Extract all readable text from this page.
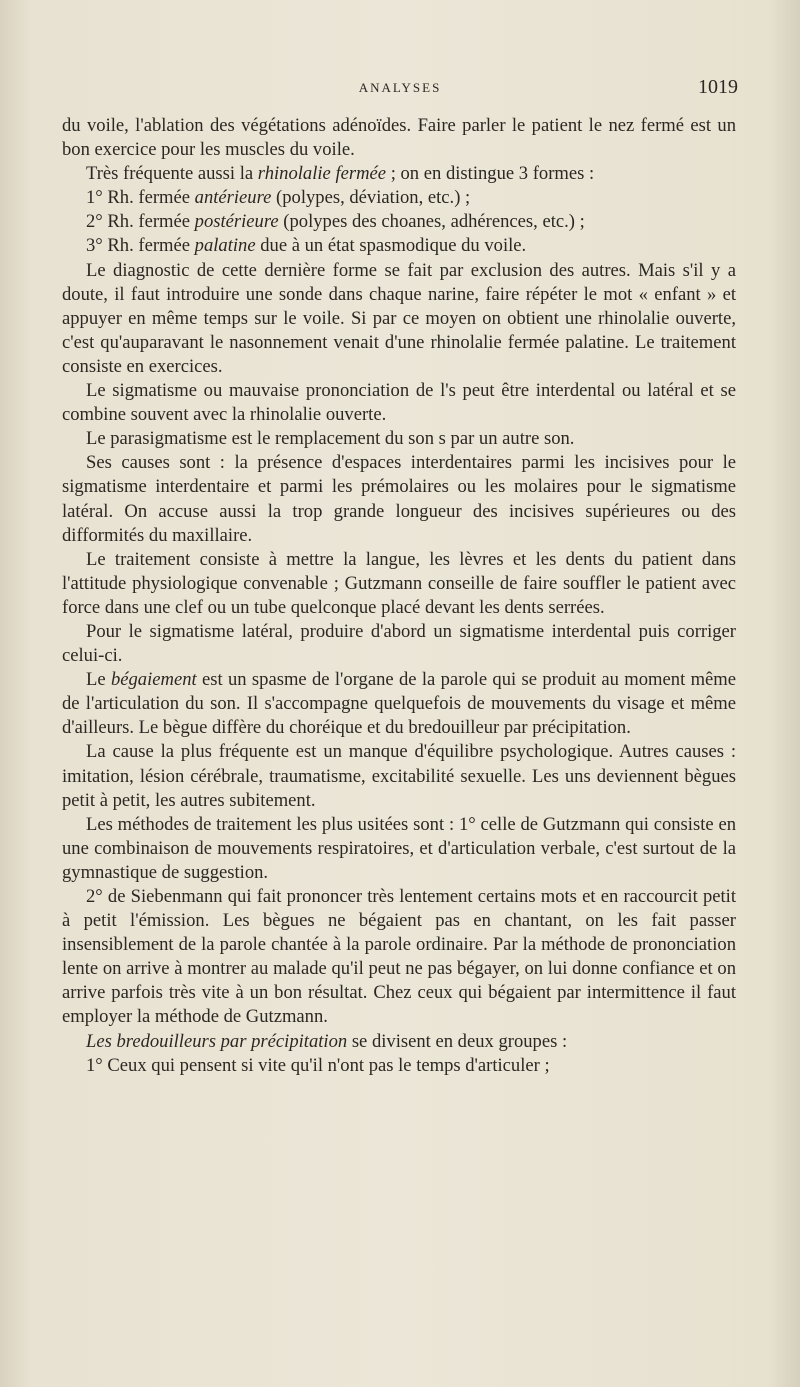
ANALYSES	1019

du voile, l'ablation des végétations adénoïdes. Faire parler le patient le nez fermé est un bon exercice pour les muscles du voile.

Très fréquente aussi la rhinolalie fermée ; on en distingue 3 formes :

1° Rh. fermée antérieure (polypes, déviation, etc.) ;

2° Rh. fermée postérieure (polypes des choanes, adhérences, etc.) ;

3° Rh. fermée palatine due à un état spasmodique du voile.

Le diagnostic de cette dernière forme se fait par exclusion des autres. Mais s'il y a doute, il faut introduire une sonde dans chaque narine, faire répéter le mot « enfant » et appuyer en même temps sur le voile. Si par ce moyen on obtient une rhinolalie ouverte, c'est qu'auparavant le nasonnement venait d'une rhinolalie fermée palatine. Le traitement consiste en exercices.

Le sigmatisme ou mauvaise prononciation de l's peut être interdental ou latéral et se combine souvent avec la rhinolalie ouverte.

Le parasigmatisme est le remplacement du son s par un autre son.

Ses causes sont : la présence d'espaces interdentaires parmi les incisives pour le sigmatisme interdentaire et parmi les prémolaires ou les molaires pour le sigmatisme latéral. On accuse aussi la trop grande longueur des incisives supérieures ou des difformités du maxillaire.

Le traitement consiste à mettre la langue, les lèvres et les dents du patient dans l'attitude physiologique convenable ; Gutzmann conseille de faire souffler le patient avec force dans une clef ou un tube quelconque placé devant les dents serrées.

Pour le sigmatisme latéral, produire d'abord un sigmatisme interdental puis corriger celui-ci.

Le bégaiement est un spasme de l'organe de la parole qui se produit au moment même de l'articulation du son. Il s'accompagne quelquefois de mouvements du visage et même d'ailleurs. Le bègue diffère du choréique et du bredouilleur par précipitation.

La cause la plus fréquente est un manque d'équilibre psychologique. Autres causes : imitation, lésion cérébrale, traumatisme, excitabilité sexuelle. Les uns deviennent bègues petit à petit, les autres subitement.

Les méthodes de traitement les plus usitées sont : 1° celle de Gutzmann qui consiste en une combinaison de mouvements respiratoires, et d'articulation verbale, c'est surtout de la gymnastique de suggestion.

2° de Siebenmann qui fait prononcer très lentement certains mots et en raccourcit petit à petit l'émission. Les bègues ne bégaient pas en chantant, on les fait passer insensiblement de la parole chantée à la parole ordinaire. Par la méthode de prononciation lente on arrive à montrer au malade qu'il peut ne pas bégayer, on lui donne confiance et on arrive parfois très vite à un bon résultat. Chez ceux qui bégaient par intermittence il faut employer la méthode de Gutzmann.

Les bredouilleurs par précipitation se divisent en deux groupes :

1° Ceux qui pensent si vite qu'il n'ont pas le temps d'articuler ;
